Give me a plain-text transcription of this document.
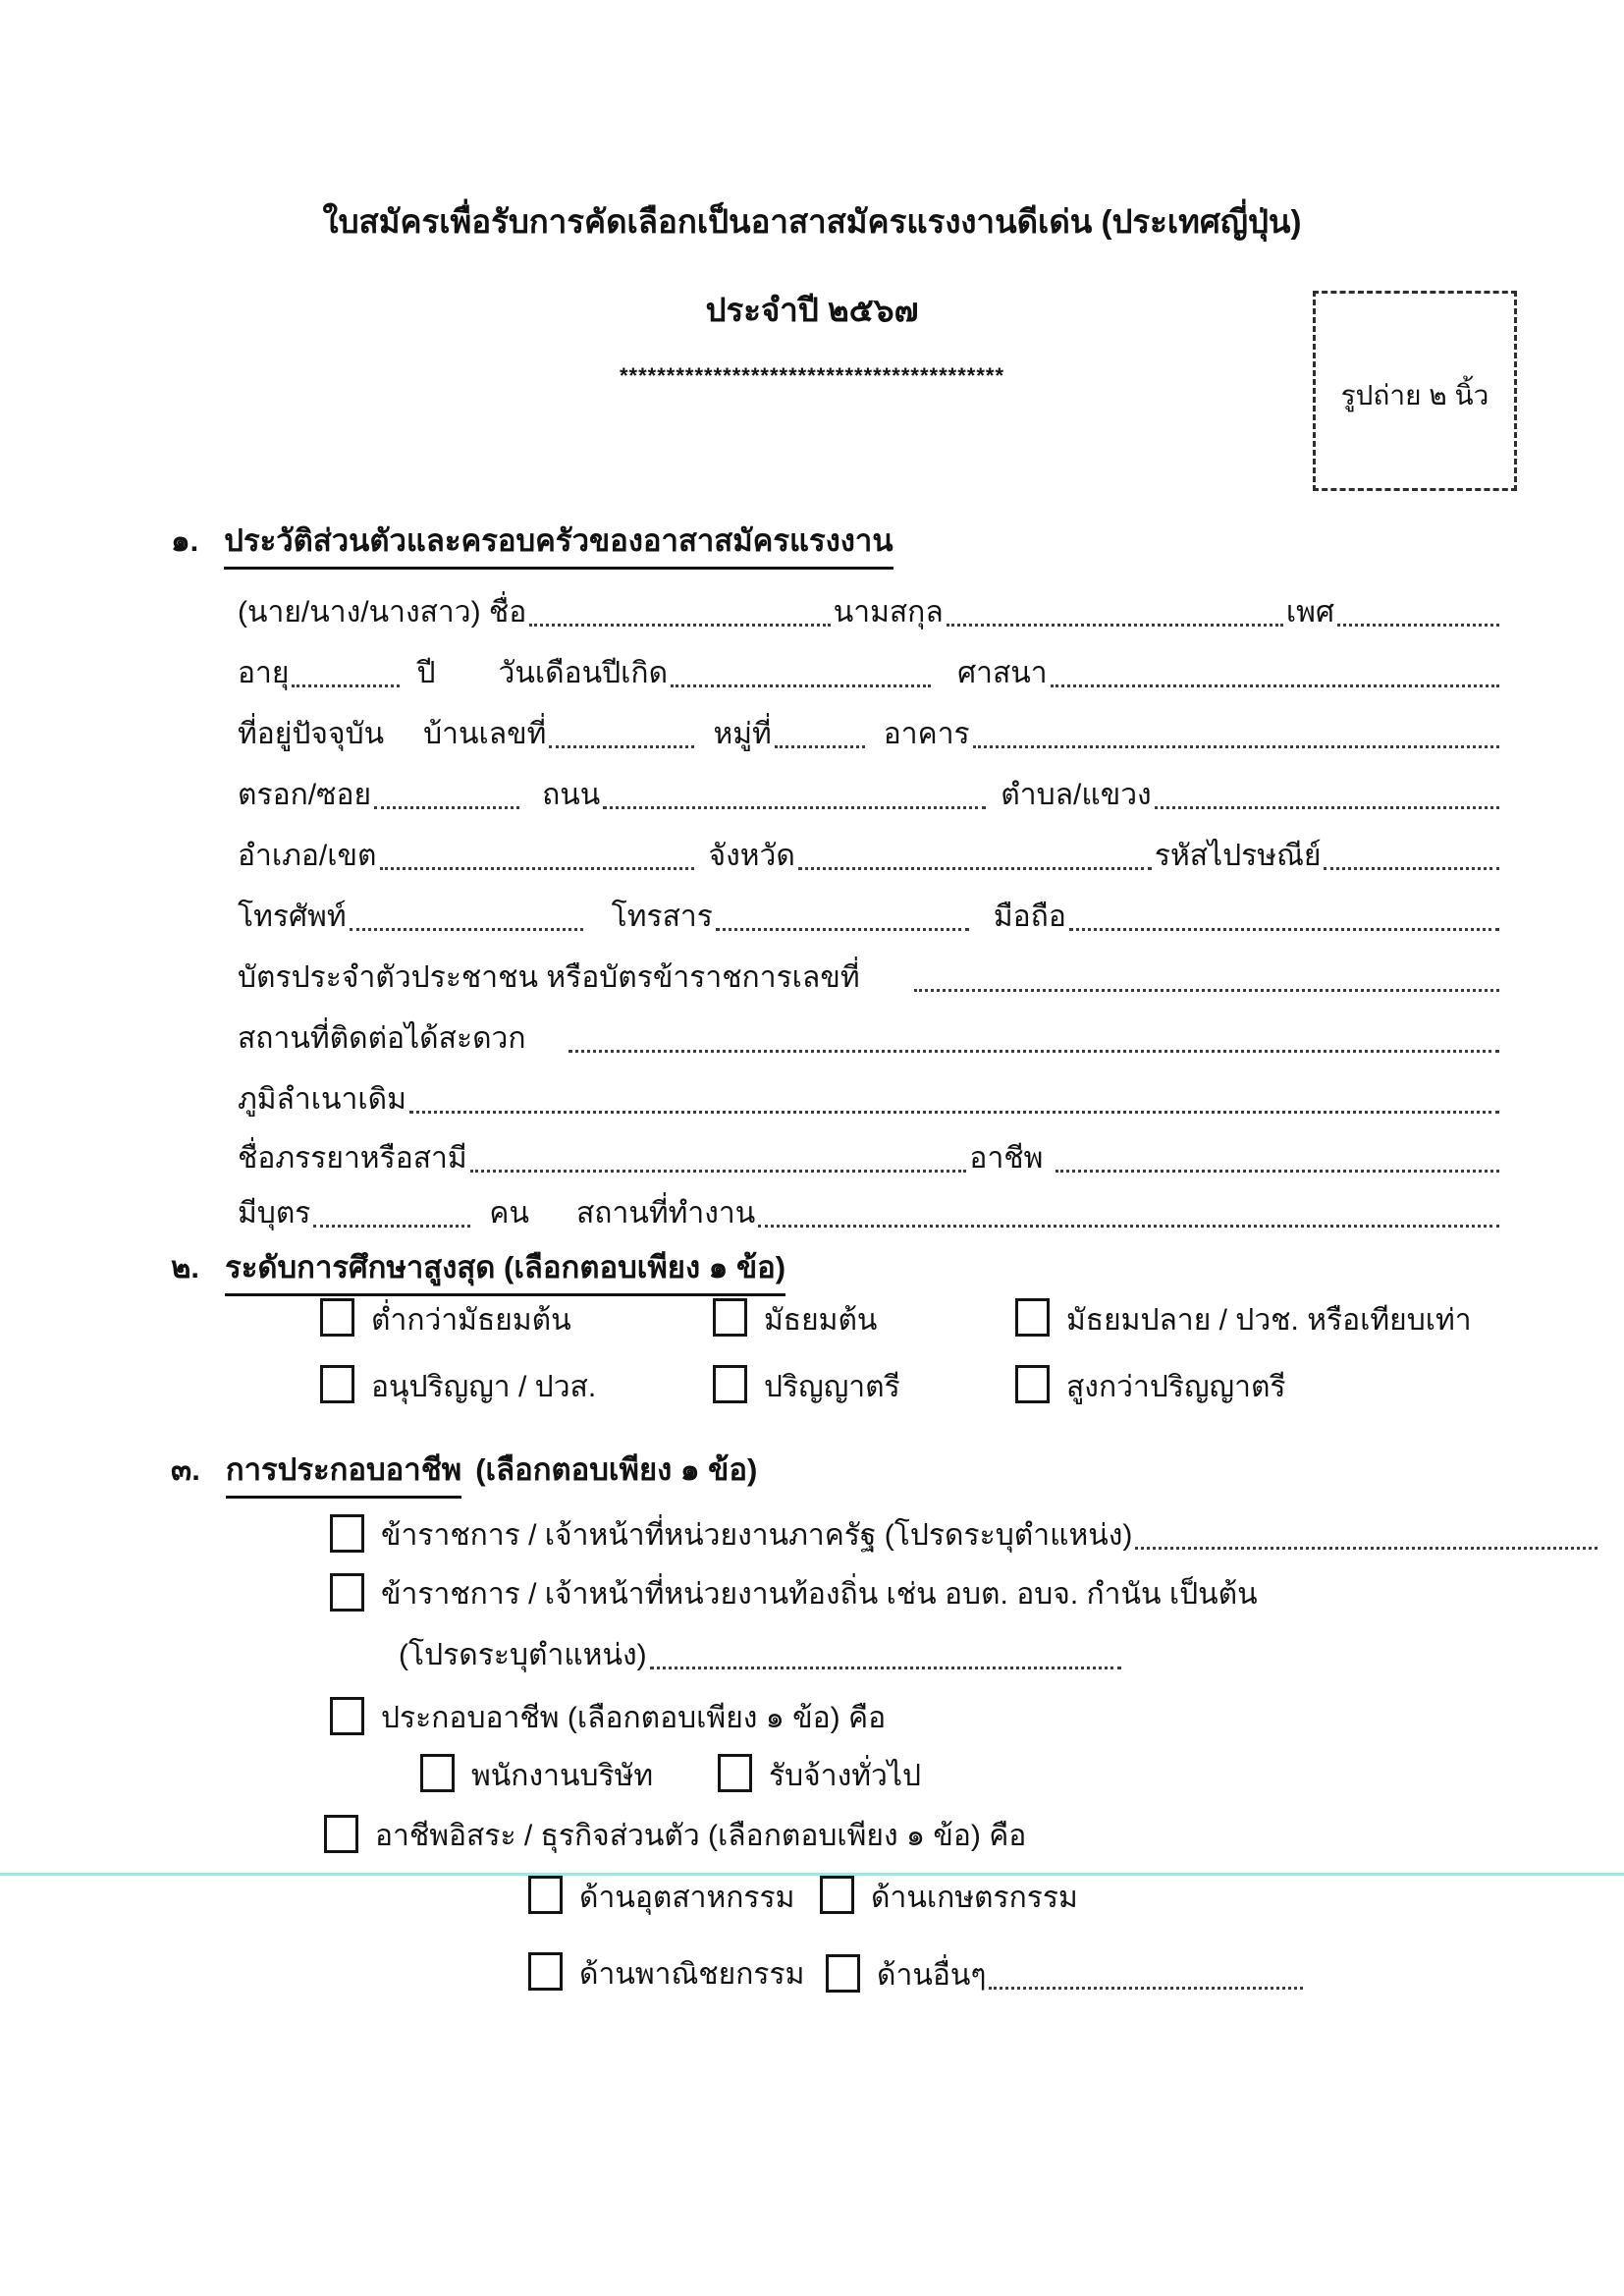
ใบสมัครเพื่อรับการคัดเลือกเป็นอาสาสมัครแรงงานดีเด่น (ประเทศญี่ปุ่น)
ประจำปี ๒๕๖๗
*****************************************
รูปถ่าย ๒ นิ้ว
๑. ประวัติส่วนตัวและครอบครัวของอาสาสมัครแรงงาน
(นาย/นาง/นางสาว) ชื่อ	นามสกุล	เพศ
อายุ	ปี วันเดือนปีเกิด	ศาสนา
ที่อยู่ปัจจุบัน บ้านเลขที่	หมู่ที่	อาคาร
ตรอก/ซอย	ถนน	ตำบล/แขวง
อำเภอ/เขต	จังหวัด	รหัสไปรษณีย์
โทรศัพท์	โทรสาร	มือถือ
บัตรประจำตัวประชาชน หรือบัตรข้าราชการเลขที่
สถานที่ติดต่อได้สะดวก
ภูมิลำเนาเดิม
ชื่อภรรยาหรือสามี	อาชีพ
มีบุตร	คน สถานที่ทำงาน
๒. ระดับการศึกษาสูงสุด (เลือกตอบเพียง ๑ ข้อ)
ต่ำกว่ามัธยมต้น	มัธยมต้น	มัธยมปลาย / ปวช. หรือเทียบเท่า
อนุปริญญา / ปวส.	ปริญญาตรี	สูงกว่าปริญญาตรี
๓. การประกอบอาชีพ (เลือกตอบเพียง ๑ ข้อ)
ข้าราชการ / เจ้าหน้าที่หน่วยงานภาครัฐ (โปรดระบุตำแหน่ง)
ข้าราชการ / เจ้าหน้าที่หน่วยงานท้องถิ่น เช่น อบต. อบจ. กำนัน เป็นต้น
(โปรดระบุตำแหน่ง)
ประกอบอาชีพ (เลือกตอบเพียง ๑ ข้อ) คือ
พนักงานบริษัท	รับจ้างทั่วไป
อาชีพอิสระ / ธุรกิจส่วนตัว (เลือกตอบเพียง ๑ ข้อ) คือ
ด้านอุตสาหกรรม	ด้านเกษตรกรรม
ด้านพาณิชยกรรม ด้านอื่นๆ
